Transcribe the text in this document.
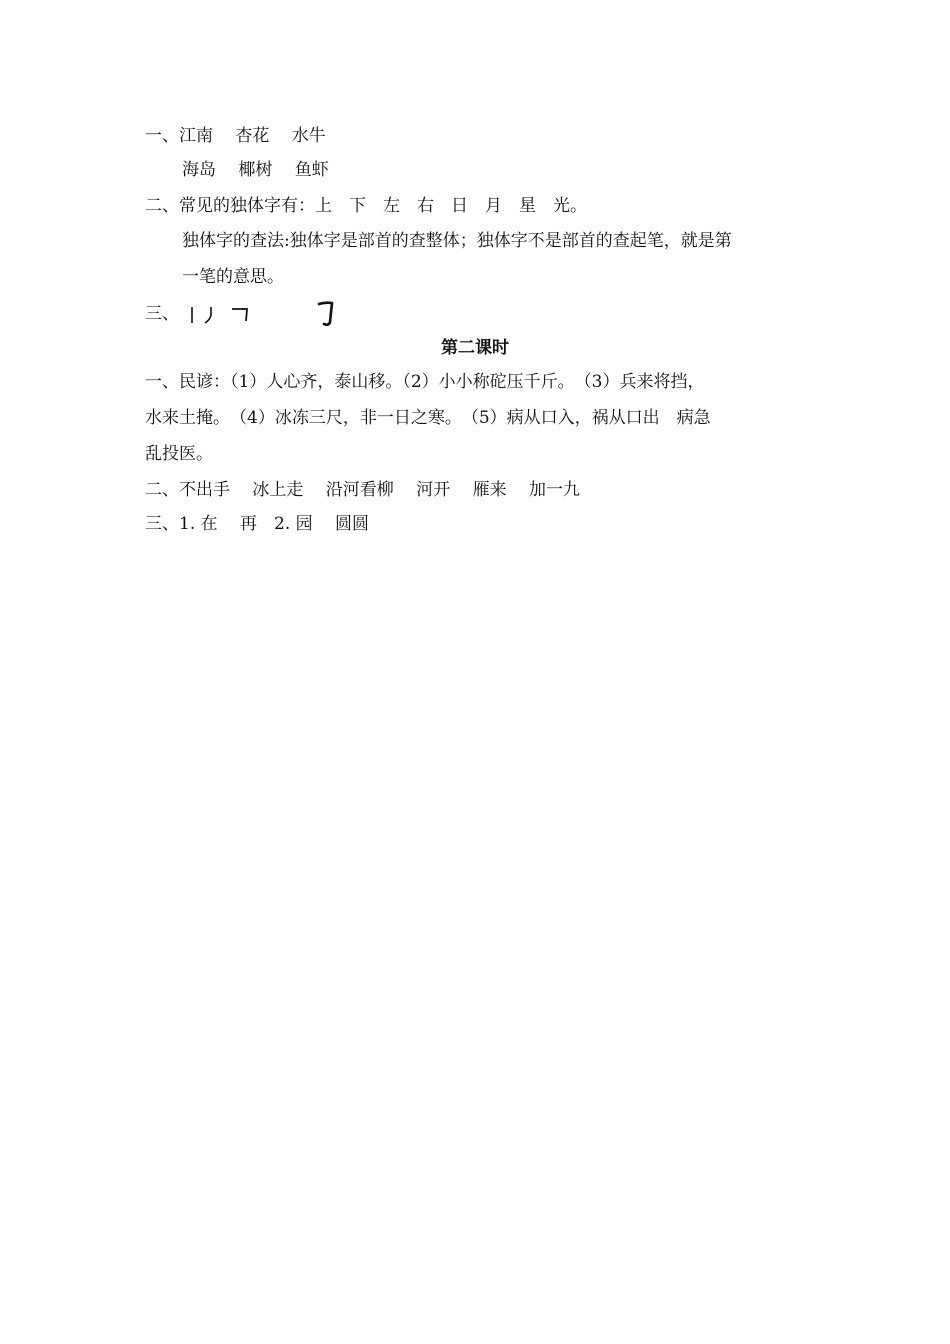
一、江南　 杏花　 水牛
海岛　 椰树　 鱼虾
二、常见的独体字有：上　下　左　右　日　月　星　光。
独体字的查法:独体字是部首的查整体；独体字不是部首的查起笔，就是第
一笔的意思。
三、
第二课时
一、民谚：（1）人心齐，泰山移。（2）小小称砣压千斤。　（3）兵来将挡，
水来土掩。　（4）冰冻三尺，非一日之寒。　（5）病从口入，祸从口出　病急
乱投医。
二、不出手　 冰上走　 沿河看柳　 河开　 雁来　 加一九
三、1. 在　 再　2. 园　 圆圆
